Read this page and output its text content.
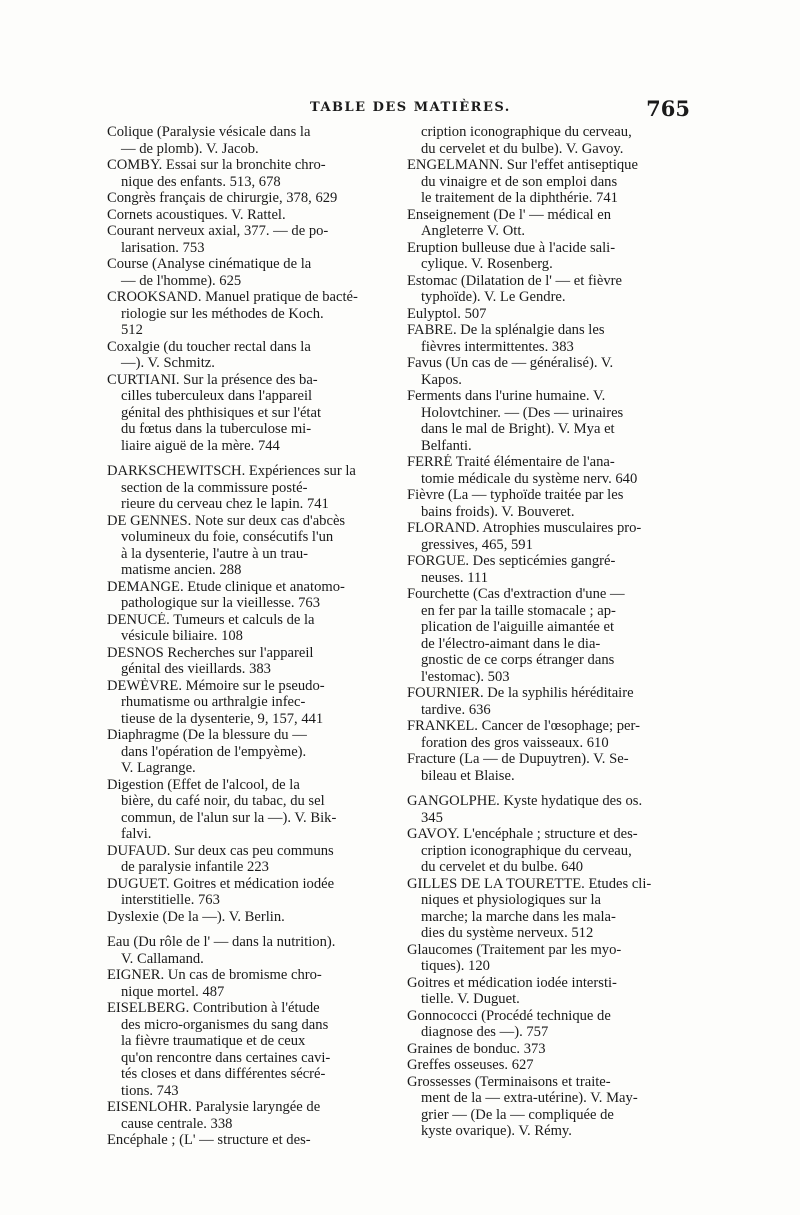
TABLE DES MATIÈRES.	765
Colique (Paralysie vésicale dans la
— de plomb). V. Jacob.
COMBY. Essai sur la bronchite chro-
nique des enfants. 513, 678
Congrès français de chirurgie, 378, 629
Cornets acoustiques. V. Rattel.
Courant nerveux axial, 377. — de po-
larisation. 753
Course (Analyse cinématique de la
— de l'homme). 625
CROOKSAND. Manuel pratique de bacté-
riologie sur les méthodes de Koch.
512
Coxalgie (du toucher rectal dans la
—). V. Schmitz.
CURTIANI. Sur la présence des ba-
cilles tuberculeux dans l'appareil
génital des phthisiques et sur l'état
du fœtus dans la tuberculose mi-
liaire aiguë de la mère. 744
DARKSCHEWITSCH. Expériences sur la
section de la commissure posté-
rieure du cerveau chez le lapin. 741
DE GENNES. Note sur deux cas d'abcès
volumineux du foie, consécutifs l'un
à la dysenterie, l'autre à un trau-
matisme ancien. 288
DEMANGE. Etude clinique et anatomo-
pathologique sur la vieillesse. 763
DENUCÉ. Tumeurs et calculs de la
vésicule biliaire. 108
DESNOS Recherches sur l'appareil
génital des vieillards. 383
DEWÈVRE. Mémoire sur le pseudo-
rhumatisme ou arthralgie infec-
tieuse de la dysenterie, 9, 157, 441
Diaphragme (De la blessure du —
dans l'opération de l'empyème).
V. Lagrange.
Digestion (Effet de l'alcool, de la
bière, du café noir, du tabac, du sel
commun, de l'alun sur la —). V. Bik-
falvi.
DUFAUD. Sur deux cas peu communs
de paralysie infantile 223
DUGUET. Goitres et médication iodée
interstitielle. 763
Dyslexie (De la —). V. Berlin.
Eau (Du rôle de l' — dans la nutrition).
V. Callamand.
EIGNER. Un cas de bromisme chro-
nique mortel. 487
EISELBERG. Contribution à l'étude
des micro-organismes du sang dans
la fièvre traumatique et de ceux
qu'on rencontre dans certaines cavi-
tés closes et dans différentes sécré-
tions. 743
EISENLOHR. Paralysie laryngée de
cause centrale. 338
Encéphale ; (L' — structure et des-
cription iconographique du cerveau,
du cervelet et du bulbe). V. Gavoy.
ENGELMANN. Sur l'effet antiseptique
du vinaigre et de son emploi dans
le traitement de la diphthérie. 741
Enseignement (De l' — médical en
Angleterre V. Ott.
Eruption bulleuse due à l'acide sali-
cylique. V. Rosenberg.
Estomac (Dilatation de l' — et fièvre
typhoïde). V. Le Gendre.
Eulyptol. 507
FABRE. De la splénalgie dans les
fièvres intermittentes. 383
Favus (Un cas de — généralisé). V.
Kapos.
Ferments dans l'urine humaine. V.
Holovtchiner. — (Des — urinaires
dans le mal de Bright). V. Mya et
Belfanti.
FERRÉ Traité élémentaire de l'ana-
tomie médicale du système nerv. 640
Fièvre (La — typhoïde traitée par les
bains froids). V. Bouveret.
FLORAND. Atrophies musculaires pro-
gressives, 465, 591
FORGUE. Des septicémies gangré-
neuses. 111
Fourchette (Cas d'extraction d'une —
en fer par la taille stomacale ; ap-
plication de l'aiguille aimantée et
de l'électro-aimant dans le dia-
gnostic de ce corps étranger dans
l'estomac). 503
FOURNIER. De la syphilis héréditaire
tardive. 636
FRANKEL. Cancer de l'œsophage; per-
foration des gros vaisseaux. 610
Fracture (La — de Dupuytren). V. Se-
bileau et Blaise.
GANGOLPHE. Kyste hydatique des os.
345
GAVOY. L'encéphale ; structure et des-
cription iconographique du cerveau,
du cervelet et du bulbe. 640
GILLES DE LA TOURETTE. Etudes cli-
niques et physiologiques sur la
marche; la marche dans les mala-
dies du système nerveux. 512
Glaucomes (Traitement par les myo-
tiques). 120
Goitres et médication iodée intersti-
tielle. V. Duguet.
Gonnococci (Procédé technique de
diagnose des —). 757
Graines de bonduc. 373
Greffes osseuses. 627
Grossesses (Terminaisons et traite-
ment de la — extra-utérine). V. May-
grier — (De la — compliquée de
kyste ovarique). V. Rémy.
